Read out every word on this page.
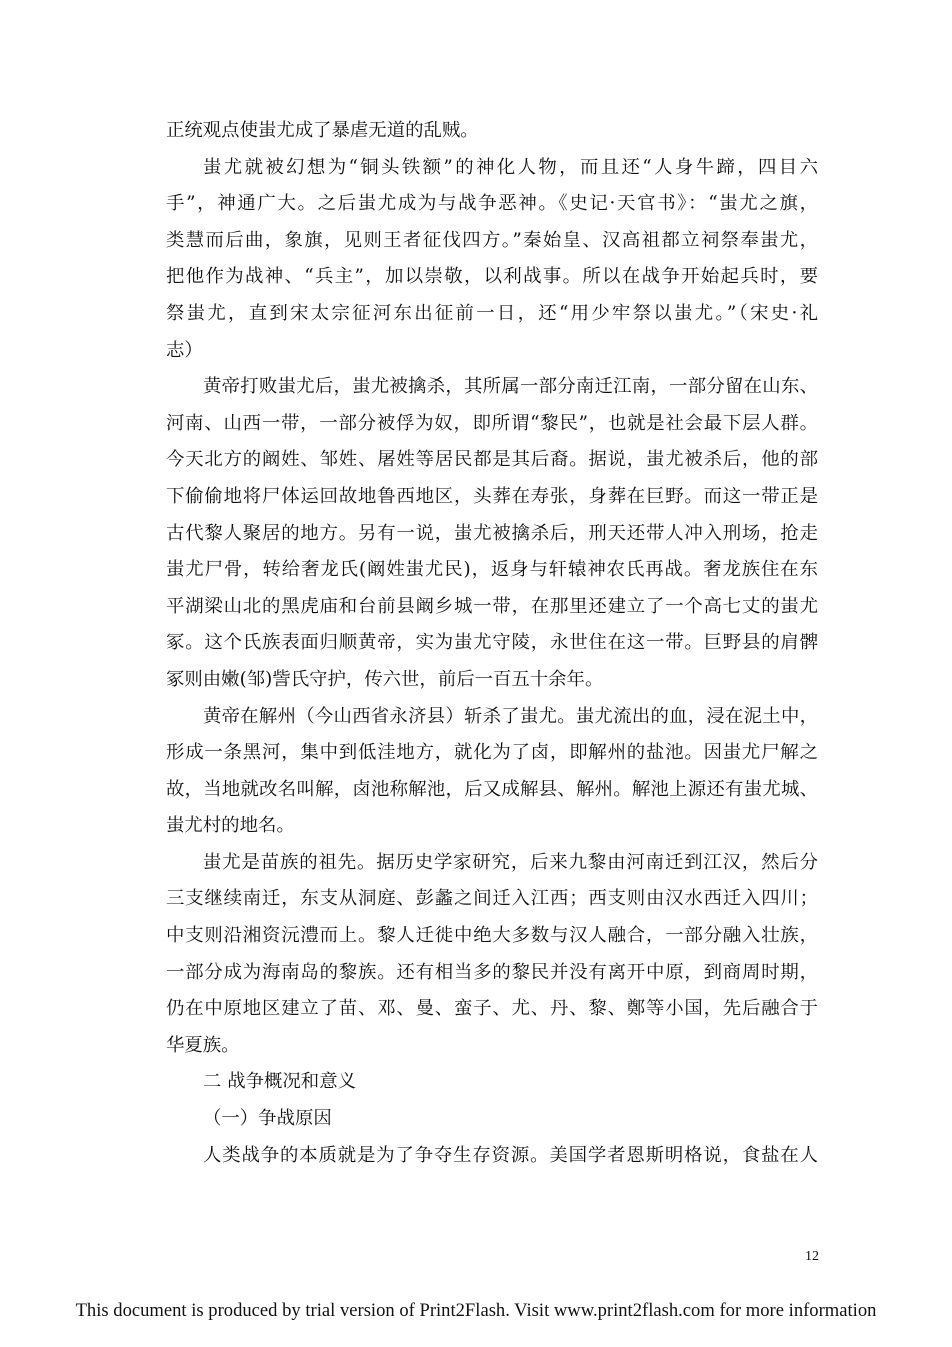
正统观点使蚩尤成了暴虐无道的乱贼。
蚩尤就被幻想为“铜头铁额”的神化人物，而且还“人身牛蹄，四目六
手”，神通广大。之后蚩尤成为与战争恶神。《史记·天官书》：“蚩尤之旗，
类慧而后曲，象旗，见则王者征伐四方。”秦始皇、汉高祖都立祠祭奉蚩尤，
把他作为战神、“兵主”，加以崇敬，以利战事。所以在战争开始起兵时，要
祭蚩尤，直到宋太宗征河东出征前一日，还“用少牢祭以蚩尤。”（宋史·礼
志）
黄帝打败蚩尤后，蚩尤被擒杀，其所属一部分南迁江南，一部分留在山东、
河南、山西一带，一部分被俘为奴，即所谓“黎民”，也就是社会最下层人群。
今天北方的阚姓、邹姓、屠姓等居民都是其后裔。据说，蚩尤被杀后，他的部
下偷偷地将尸体运回故地鲁西地区，头葬在寿张，身葬在巨野。而这一带正是
古代黎人聚居的地方。另有一说，蚩尤被擒杀后，刑天还带人冲入刑场，抢走
蚩尤尸骨，转给奢龙氏(阚姓蚩尤民)，返身与轩辕神农氏再战。奢龙族住在东
平湖梁山北的黑虎庙和台前县阚乡城一带，在那里还建立了一个高七丈的蚩尤
冢。这个氏族表面归顺黄帝，实为蚩尤守陵，永世住在这一带。巨野县的肩髀
冢则由嫩(邹)訾氏守护，传六世，前后一百五十余年。
黄帝在解州（今山西省永济县）斩杀了蚩尤。蚩尤流出的血，浸在泥土中，
形成一条黑河，集中到低洼地方，就化为了卤，即解州的盐池。因蚩尤尸解之
故，当地就改名叫解，卤池称解池，后又成解县、解州。解池上源还有蚩尤城、
蚩尤村的地名。
蚩尤是苗族的祖先。据历史学家研究，后来九黎由河南迁到江汉，然后分
三支继续南迁，东支从洞庭、彭蠡之间迁入江西；西支则由汉水西迁入四川；
中支则沿湘资沅澧而上。黎人迁徙中绝大多数与汉人融合，一部分融入壮族，
一部分成为海南岛的黎族。还有相当多的黎民并没有离开中原，到商周时期，
仍在中原地区建立了苗、邓、曼、蛮子、尤、丹、黎、鄭等小国，先后融合于
华夏族。
二 战争概况和意义
（一）争战原因
人类战争的本质就是为了争夺生存资源。美国学者恩斯明格说，食盐在人
12
This document is produced by trial version of Print2Flash. Visit www.print2flash.com for more information
